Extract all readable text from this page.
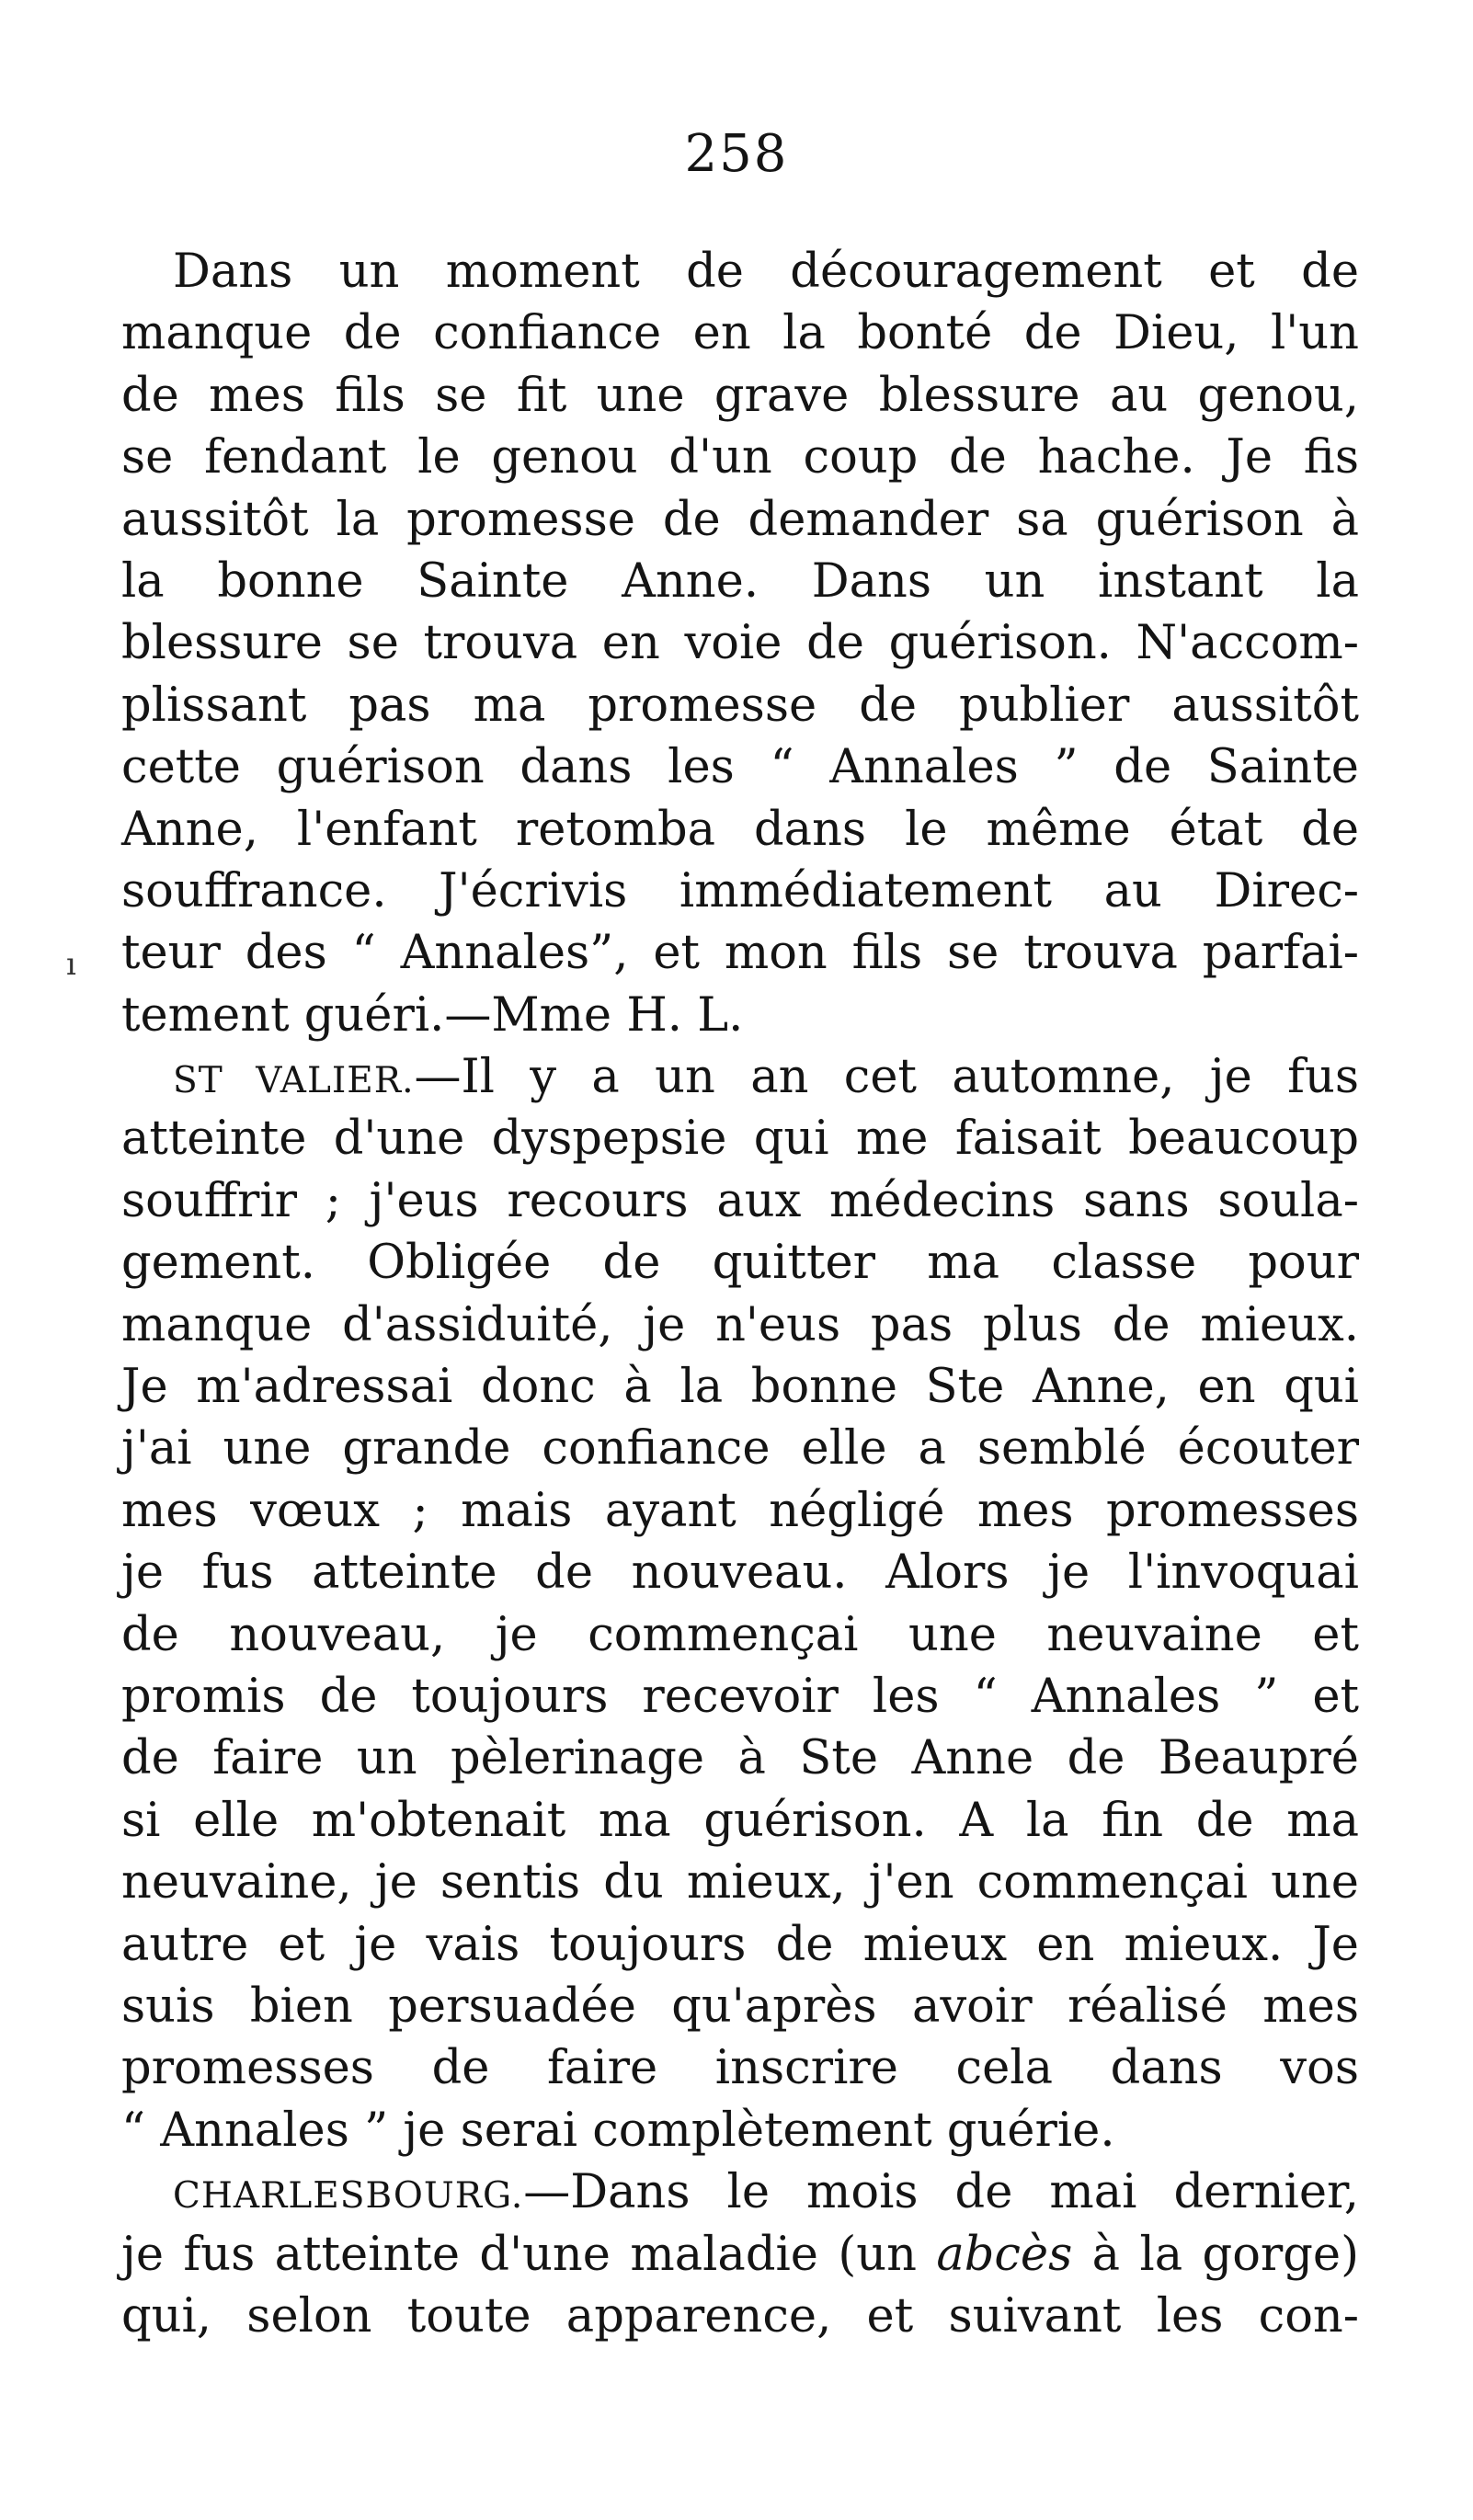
258
ı
Dans un moment de découragement et de
manque de confiance en la bonté de Dieu, l'un
de mes fils se fit une grave blessure au genou,
se fendant le genou d'un coup de hache. Je fis
aussitôt la promesse de demander sa guérison à
la bonne Sainte Anne. Dans un instant la
blessure se trouva en voie de guérison. N'accom-
plissant pas ma promesse de publier aussitôt
cette guérison dans les “ Annales ” de Sainte
Anne, l'enfant retomba dans le même état de
souffrance. J'écrivis immédiatement au Direc-
teur des “ Annales”, et mon fils se trouva parfai-
tement guéri.—Mme H. L.
ST VALIER.—Il y a un an cet automne, je fus
atteinte d'une dyspepsie qui me faisait beaucoup
souffrir ; j'eus recours aux médecins sans soula-
gement. Obligée de quitter ma classe pour
manque d'assiduité, je n'eus pas plus de mieux.
Je m'adressai donc à la bonne Ste Anne, en qui
j'ai une grande confiance elle a semblé écouter
mes vœux ; mais ayant négligé mes promesses
je fus atteinte de nouveau. Alors je l'invoquai
de nouveau, je commençai une neuvaine et
promis de toujours recevoir les “ Annales ” et
de faire un pèlerinage à Ste Anne de Beaupré
si elle m'obtenait ma guérison. A la fin de ma
neuvaine, je sentis du mieux, j'en commençai une
autre et je vais toujours de mieux en mieux. Je
suis bien persuadée qu'après avoir réalisé mes
promesses de faire inscrire cela dans vos
“ Annales ” je serai complètement guérie.
CHARLESBOURG.—Dans le mois de mai dernier,
je fus atteinte d'une maladie (un abcès à la gorge)
qui, selon toute apparence, et suivant les con-
